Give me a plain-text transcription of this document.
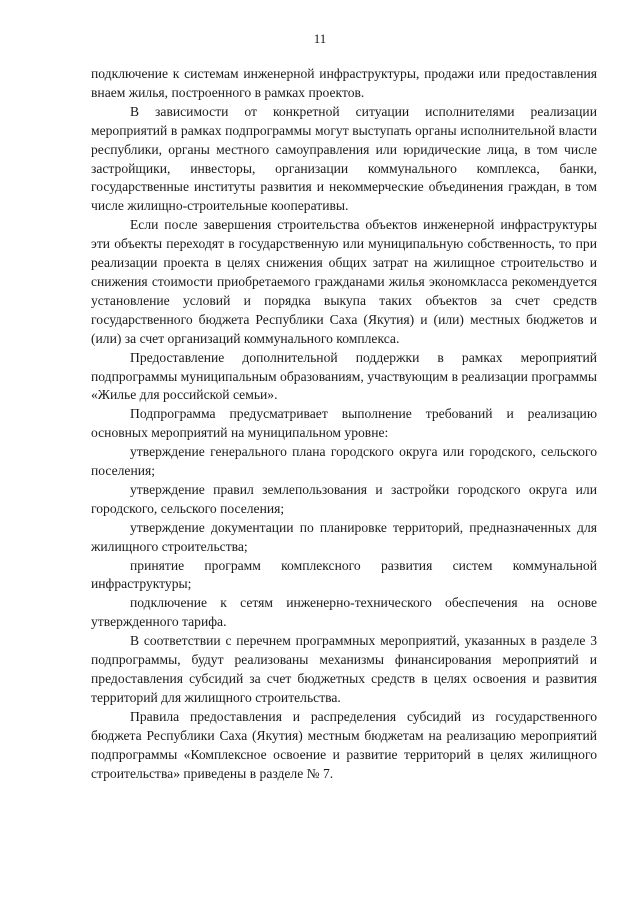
11

подключение к системам инженерной инфраструктуры, продажи или предоставления внаем жилья, построенного в рамках проектов.

В зависимости от конкретной ситуации исполнителями реализации мероприятий в рамках подпрограммы могут выступать органы исполнительной власти республики, органы местного самоуправления или юридические лица, в том числе застройщики, инвесторы, организации коммунального комплекса, банки, государственные институты развития и некоммерческие объединения граждан, в том числе жилищно-строительные кооперативы.

Если после завершения строительства объектов инженерной инфраструктуры эти объекты переходят в государственную или муниципальную собственность, то при реализации проекта в целях снижения общих затрат на жилищное строительство и снижения стоимости приобретаемого гражданами жилья экономкласса рекомендуется установление условий и порядка выкупа таких объектов за счет средств государственного бюджета Республики Саха (Якутия) и (или) местных бюджетов и (или) за счет организаций коммунального комплекса.

Предоставление дополнительной поддержки в рамках мероприятий подпрограммы муниципальным образованиям, участвующим в реализации программы «Жилье для российской семьи».

Подпрограмма предусматривает выполнение требований и реализацию основных мероприятий на муниципальном уровне:

утверждение генерального плана городского округа или городского, сельского поселения;

утверждение правил землепользования и застройки городского округа или городского, сельского поселения;

утверждение документации по планировке территорий, предназначенных для жилищного строительства;

принятие программ комплексного развития систем коммунальной инфраструктуры;

подключение к сетям инженерно-технического обеспечения на основе утвержденного тарифа.

В соответствии с перечнем программных мероприятий, указанных в разделе 3 подпрограммы, будут реализованы механизмы финансирования мероприятий и предоставления субсидий за счет бюджетных средств в целях освоения и развития территорий для жилищного строительства.

Правила предоставления и распределения субсидий из государственного бюджета Республики Саха (Якутия) местным бюджетам на реализацию мероприятий подпрограммы «Комплексное освоение и развитие территорий в целях жилищного строительства» приведены в разделе № 7.
